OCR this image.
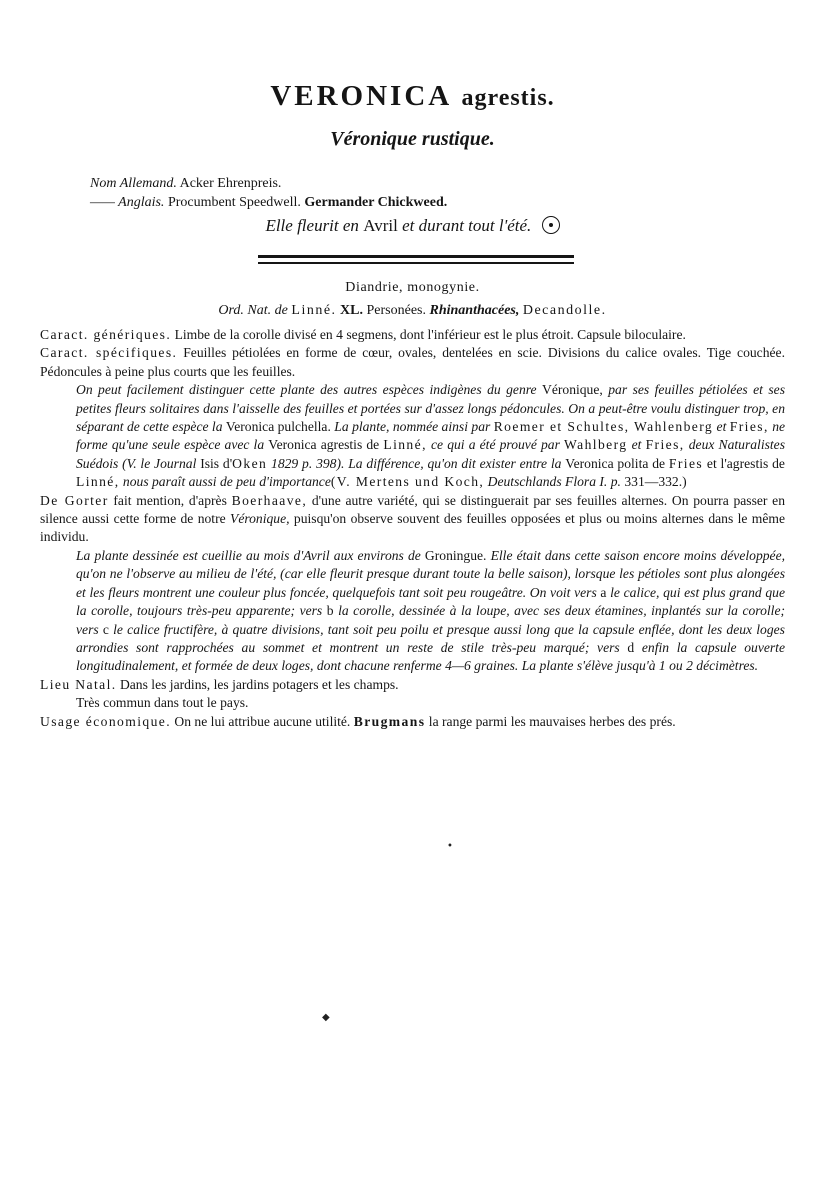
VERONICA agrestis.
Véronique rustique.
Nom Allemand. Acker Ehrenpreis.
—— Anglais. Procumbent Speedwell. Germander Chickweed.
Elle fleurit en Avril et durant tout l'été.
Diandrie, monogynie.
Ord. Nat. de Linné. XL. Personées. Rhinanthacées, Decandolle.

Caract. génériques. Limbe de la corolle divisé en 4 segmens, dont l'inférieur est le plus étroit. Capsule biloculaire.

Caract. spécifiques. Feuilles pétiolées en forme de cœur, ovales, dentelées en scie. Divisions du calice ovales. Tige couchée. Pédoncules à peine plus courts que les feuilles.

On peut facilement distinguer cette plante des autres espèces indigènes du genre Véronique, par ses feuilles pétiolées et ses petites fleurs solitaires dans l'aisselle des feuilles et portées sur d'assez longs pédoncules. On a peut-être voulu distinguer trop, en séparant de cette espèce la Veronica pulchella. La plante, nommée ainsi par Roemer et Schultes, Wahlenberg et Fries, ne forme qu'une seule espèce avec la Veronica agrestis de Linné, ce qui a été prouvé par Wahlberg et Fries, deux Naturalistes Suédois (V. le Journal Isis d'Oken 1829 p. 398). La différence, qu'on dit exister entre la Veronica polita de Fries et l'agrestis de Linné, nous paraît aussi de peu d'importance(V. Mertens und Koch, Deutschlands Flora I. p. 331—332.)

De Gorter fait mention, d'après Boerhaave, d'une autre variété, qui se distinguerait par ses feuilles alternes. On pourra passer en silence aussi cette forme de notre Véronique, puisqu'on observe souvent des feuilles opposées et plus ou moins alternes dans le même individu.

La plante dessinée est cueillie au mois d'Avril aux environs de Groningue. Elle était dans cette saison encore moins développée, qu'on ne l'observe au milieu de l'été, (car elle fleurit presque durant toute la belle saison), lorsque les pétioles sont plus alongées et les fleurs montrent une couleur plus foncée, quelquefois tant soit peu rougeâtre. On voit vers a le calice, qui est plus grand que la corolle, toujours très-peu apparente; vers b la corolle, dessinée à la loupe, avec ses deux étamines, inplantés sur la corolle; vers c le calice fructifère, à quatre divisions, tant soit peu poilu et presque aussi long que la capsule enflée, dont les deux loges arrondies sont rapprochées au sommet et montrent un reste de stile très-peu marqué; vers d enfin la capsule ouverte longitudinalement, et formée de deux loges, dont chacune renferme 4—6 graines. La plante s'élève jusqu'à 1 ou 2 décimètres.

Lieu Natal. Dans les jardins, les jardins potagers et les champs.

Très commun dans tout le pays.

Usage économique. On ne lui attribue aucune utilité. Brugmans la range parmi les mauvaises herbes des prés.

◆
•
